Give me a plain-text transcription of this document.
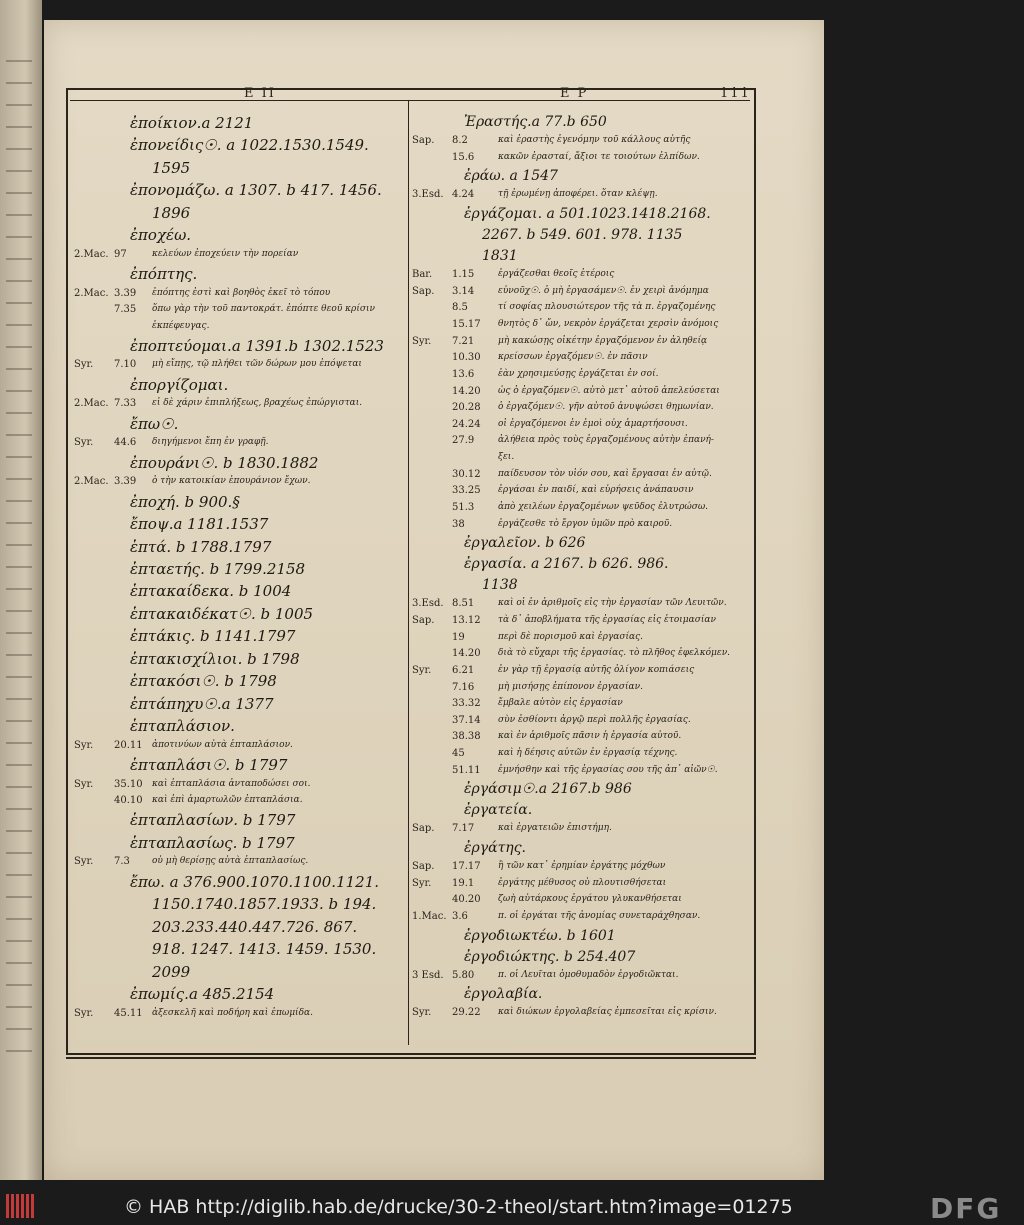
E II	E P	111
ἐποίκιον.a 2121
ἐπονείδις☉. a 1022.1530.1549.
1595
ἐπονομάζω. a 1307. b 417. 1456.
1896
ἐποχέω.
2.Mac. 97	κελεύων ἐποχεύειν τὴν πορείαν
ἐπόπτης.
2.Mac. 3.39 ἐπόπτης ἐστὶ καὶ βοηθὸς ἐκεῖ τὸ τόπου
7.35 ὅπω γὰρ τὴν τοῦ παντοκράτ. ἐπόπτε θεοῦ κρίσιν
ἐκπέφευγας.
ἐποπτεύομαι.a 1391.b 1302.1523
Syr. 7.10 μὴ εἴπῃς, τῷ πλήθει τῶν δώρων μου ἐπόψεται
ἐποργίζομαι.
2.Mac. 7.33 εἰ δὲ χάριν ἐπιπλήξεως, βραχέως ἐπώργισται.
ἔπω☉.
Syr. 44.6 διηγήμενοι ἔπη ἐν γραφῇ.
ἐπουράνι☉. b 1830.1882
2.Mac. 3.39 ὁ τὴν κατοικίαν ἐπουράνιον ἔχων.
ἐποχή. b 900.§
ἔποψ.a 1181.1537
ἑπτά. b 1788.1797
ἑπταετής. b 1799.2158
ἑπτακαίδεκα. b 1004
ἑπτακαιδέκατ☉. b 1005
ἑπτάκις. b 1141.1797
ἑπτακισχίλιοι. b 1798
ἑπτακόσι☉. b 1798
ἑπτάπηχυ☉.a 1377
ἑπταπλάσιον.
Syr. 20.11 ἀποτινύων αὐτὰ ἑπταπλάσιον.
ἑπταπλάσι☉. b 1797
Syr. 35.10 καὶ ἑπταπλάσια ἀνταποδώσει σοι.
40.10 καὶ ἐπὶ ἁμαρτωλῶν ἑπταπλάσια.
ἑπταπλασίων. b 1797
ἑπταπλασίως. b 1797
Syr. 7.3 οὐ μὴ θερίσῃς αὐτὰ ἑπταπλασίως.
ἔπω. a 376.900.1070.1100.1121.
1150.1740.1857.1933. b 194.
203.233.440.447.726. 867.
918. 1247. 1413. 1459. 1530.
2099
ἐπωμίς.a 485.2154
Syr. 45.11 ἀξεσκελῆ καὶ ποδήρη καὶ ἐπωμίδα.
Ἐραστής.a 77.b 650
Sap. 8.2	καὶ ἐραστὴς ἐγενόμην τοῦ κάλλους αὐτῆς
15.6	κακῶν ἐρασταί, ἄξιοι τε τοιούτων ἐλπίδων.
ἐράω. a 1547
3.Esd. 4.24	τῇ ἐρωμένῃ ἀποφέρει. ὅταν κλέψῃ.
ἐργάζομαι. a 501.1023.1418.2168.
2267. b 549. 601. 978. 1135
1831
Bar. 1.15	ἐργάζεσθαι θεοῖς ἑτέροις
Sap. 3.14	εὐνοῦχ☉. ὁ μὴ ἐργασάμεν☉. ἐν χειρὶ ἀνόμημα
8.5	τί σοφίας πλουσιώτερον τῆς τὰ π. ἐργαζομένης
15.17 θνητὸς δ᾽ ὤν, νεκρὸν ἐργάζεται χερσὶν ἀνόμοις
Syr. 7.21	μὴ κακώσῃς οἰκέτην ἐργαζόμενον ἐν ἀληθείᾳ
10.30 κρείσσων ἐργαζόμεν☉. ἐν πᾶσιν
13.6	ἐὰν χρησιμεύσῃς ἐργάζεται ἐν σοί.
14.20 ὡς ὁ ἐργαζόμεν☉. αὐτὸ μετ᾽ αὐτοῦ ἀπελεύσεται
20.28 ὁ ἐργαζόμεν☉. γῆν αὐτοῦ ἀνυψώσει θημωνίαν.
24.24 οἱ ἐργαζόμενοι ἐν ἐμοὶ οὐχ ἁμαρτήσουσι.
27.9	ἀλήθεια πρὸς τοὺς ἐργαζομένους αὐτὴν ἐπανή-
ξει.
30.12 παίδευσον τὸν υἱόν σου, καὶ ἔργασαι ἐν αὐτῷ.
33.25 ἐργάσαι ἐν παιδί, καὶ εὑρήσεις ἀνάπαυσιν
51.3	ἀπὸ χειλέων ἐργαζομένων ψεῦδος ἐλυτρώσω.
38	ἐργάζεσθε τὸ ἔργον ὑμῶν πρὸ καιροῦ.
ἐργαλεῖον. b 626
ἐργασία. a 2167. b 626. 986.
1138
3.Esd. 8.51	καὶ οἱ ἐν ἀριθμοῖς εἰς τὴν ἐργασίαν τῶν Λευιτῶν.
Sap. 13.12 τὰ δ᾽ ἀποβλήματα τῆς ἐργασίας εἰς ἑτοιμασίαν
19	περὶ δὲ πορισμοῦ καὶ ἐργασίας.
14.20 διὰ τὸ εὔχαρι τῆς ἐργασίας. τὸ πλῆθος ἐφελκόμεν.
Syr. 6.21	ἐν γὰρ τῇ ἐργασίᾳ αὐτῆς ὀλίγον κοπιάσεις
7.16	μὴ μισήσῃς ἐπίπονον ἐργασίαν.
33.32 ἔμβαλε αὐτὸν εἰς ἐργασίαν
37.14 σὺν ἐσθίοντι ἀργῷ περὶ πολλῆς ἐργασίας.
38.38 καὶ ἐν ἀριθμοῖς πᾶσιν ἡ ἐργασία αὐτοῦ.
45	καὶ ἡ δέησις αὐτῶν ἐν ἐργασίᾳ τέχνης.
51.11 ἐμνήσθην καὶ τῆς ἐργασίας σου τῆς ἀπ᾽ αἰῶν☉.
ἐργάσιμ☉.a 2167.b 986
ἐργατεία.
Sap. 7.17	καὶ ἐργατειῶν ἐπιστήμη.
ἐργάτης.
Sap. 17.17 ἢ τῶν κατ᾽ ἐρημίαν ἐργάτης μόχθων
Syr. 19.1	ἐργάτης μέθυσος οὐ πλουτισθήσεται
40.20 ζωὴ αὐτάρκους ἐργάτου γλυκανθήσεται
1.Mac. 3.6	π. οἱ ἐργάται τῆς ἀνομίας συνεταράχθησαν.
ἐργοδιωκτέω. b 1601
ἐργοδιώκτης. b 254.407
3 Esd. 5.80	π. οἱ Λευῖται ὁμοθυμαδὸν ἐργοδιῶκται.
ἐργολαβία.
Syr. 29.22 καὶ διώκων ἐργολαβείας ἐμπεσεῖται εἰς κρίσιν.
© HAB http://diglib.hab.de/drucke/30-2-theol/start.htm?image=01275	DFG
